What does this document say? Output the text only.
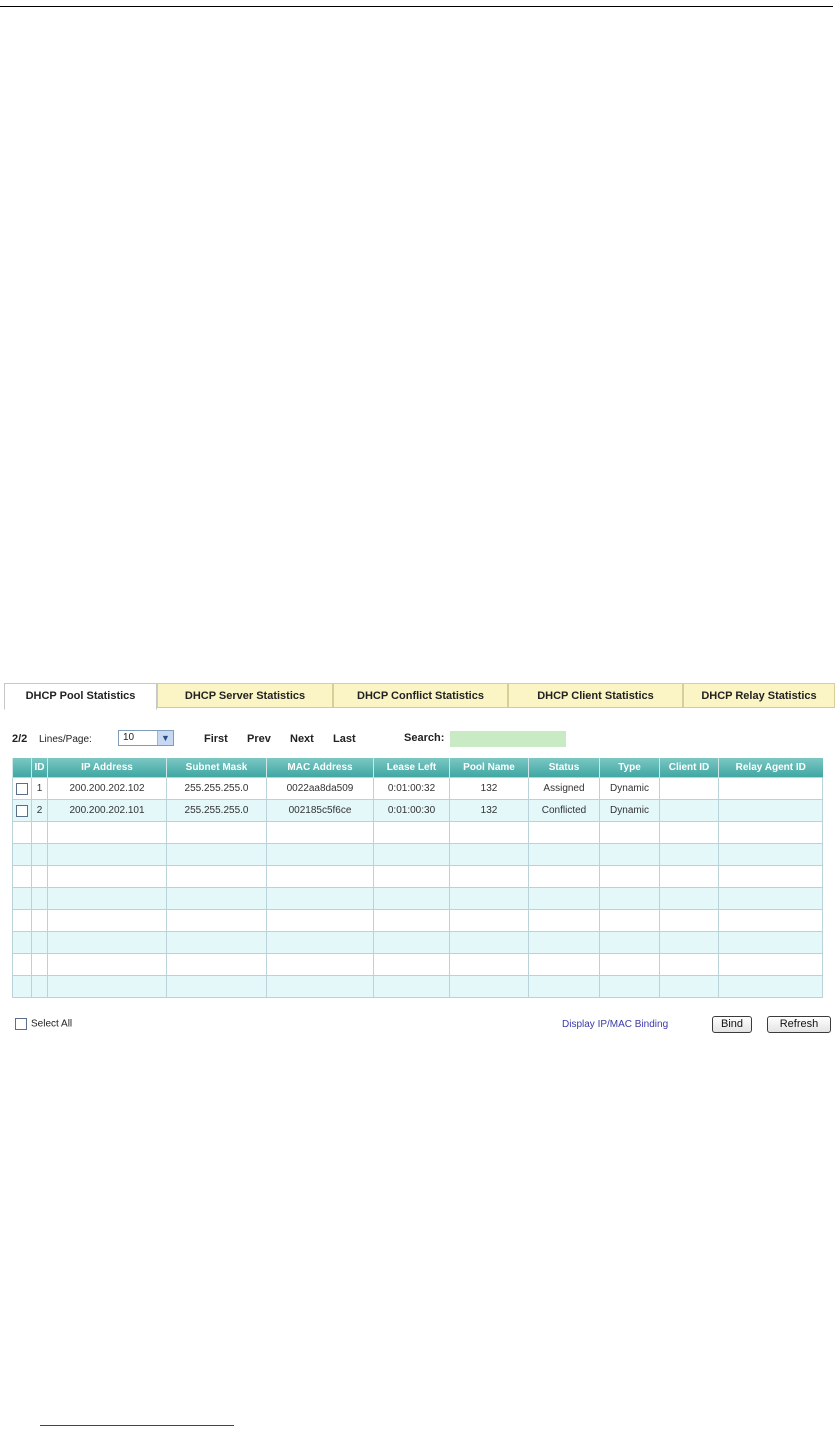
DHCP Pool Statistics	DHCP Server Statistics	DHCP Conflict Statistics	DHCP Client Statistics	DHCP Relay Statistics
2/2 Lines/Page:	10	▼	First Prev Next Last	Search:
	ID	IP Address	Subnet Mask	MAC Address	Lease Left	Pool Name	Status	Type	Client ID	Relay Agent ID
	1	200.200.202.102	255.255.255.0	0022aa8da509	0:01:00:32	132	Assigned	Dynamic		
	2	200.200.202.101	255.255.255.0	002185c5f6ce	0:01:00:30	132	Conflicted	Dynamic		

Select All	Display IP/MAC Binding	Bind	Refresh
